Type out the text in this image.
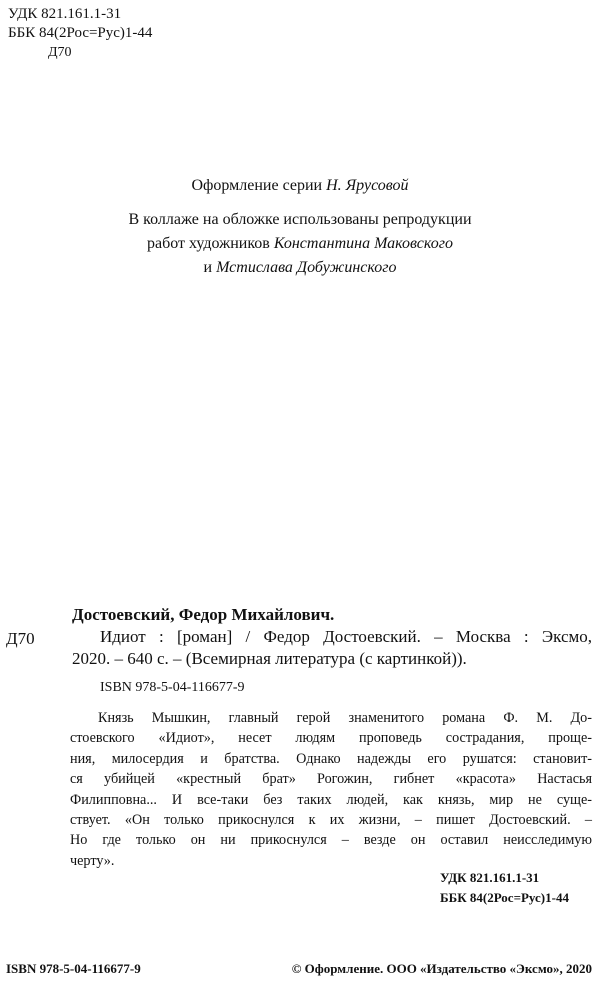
УДК 821.161.1-31
ББК 84(2Рос=Рус)1-44
Д70
Оформление серии Н. Ярусовой
В коллаже на обложке использованы репродукции
работ художников Константина Маковского
и Мстислава Добужинского
Д70
Достоевский, Федор Михайлович.
Идиот : [роман] / Федор Достоевский. – Москва : Эксмо,
2020. – 640 с. – (Всемирная литература (с картинкой)).
ISBN 978-5-04-116677-9
Князь Мышкин, главный герой знаменитого романа Ф. М. До-
стоевского «Идиот», несет людям проповедь сострадания, проще-
ния, милосердия и братства. Однако надежды его рушатся: становит-
ся убийцей «крестный брат» Рогожин, гибнет «красота» Настасья
Филипповна... И все-таки без таких людей, как князь, мир не суще-
ствует. «Он только прикоснулся к их жизни, – пишет Достоевский. –
Но где только он ни прикоснулся – везде он оставил неисследимую
черту».
УДК 821.161.1-31
ББК 84(2Рос=Рус)1-44
ISBN 978-5-04-116677-9	© Оформление. ООО «Издательство «Эксмо», 2020
